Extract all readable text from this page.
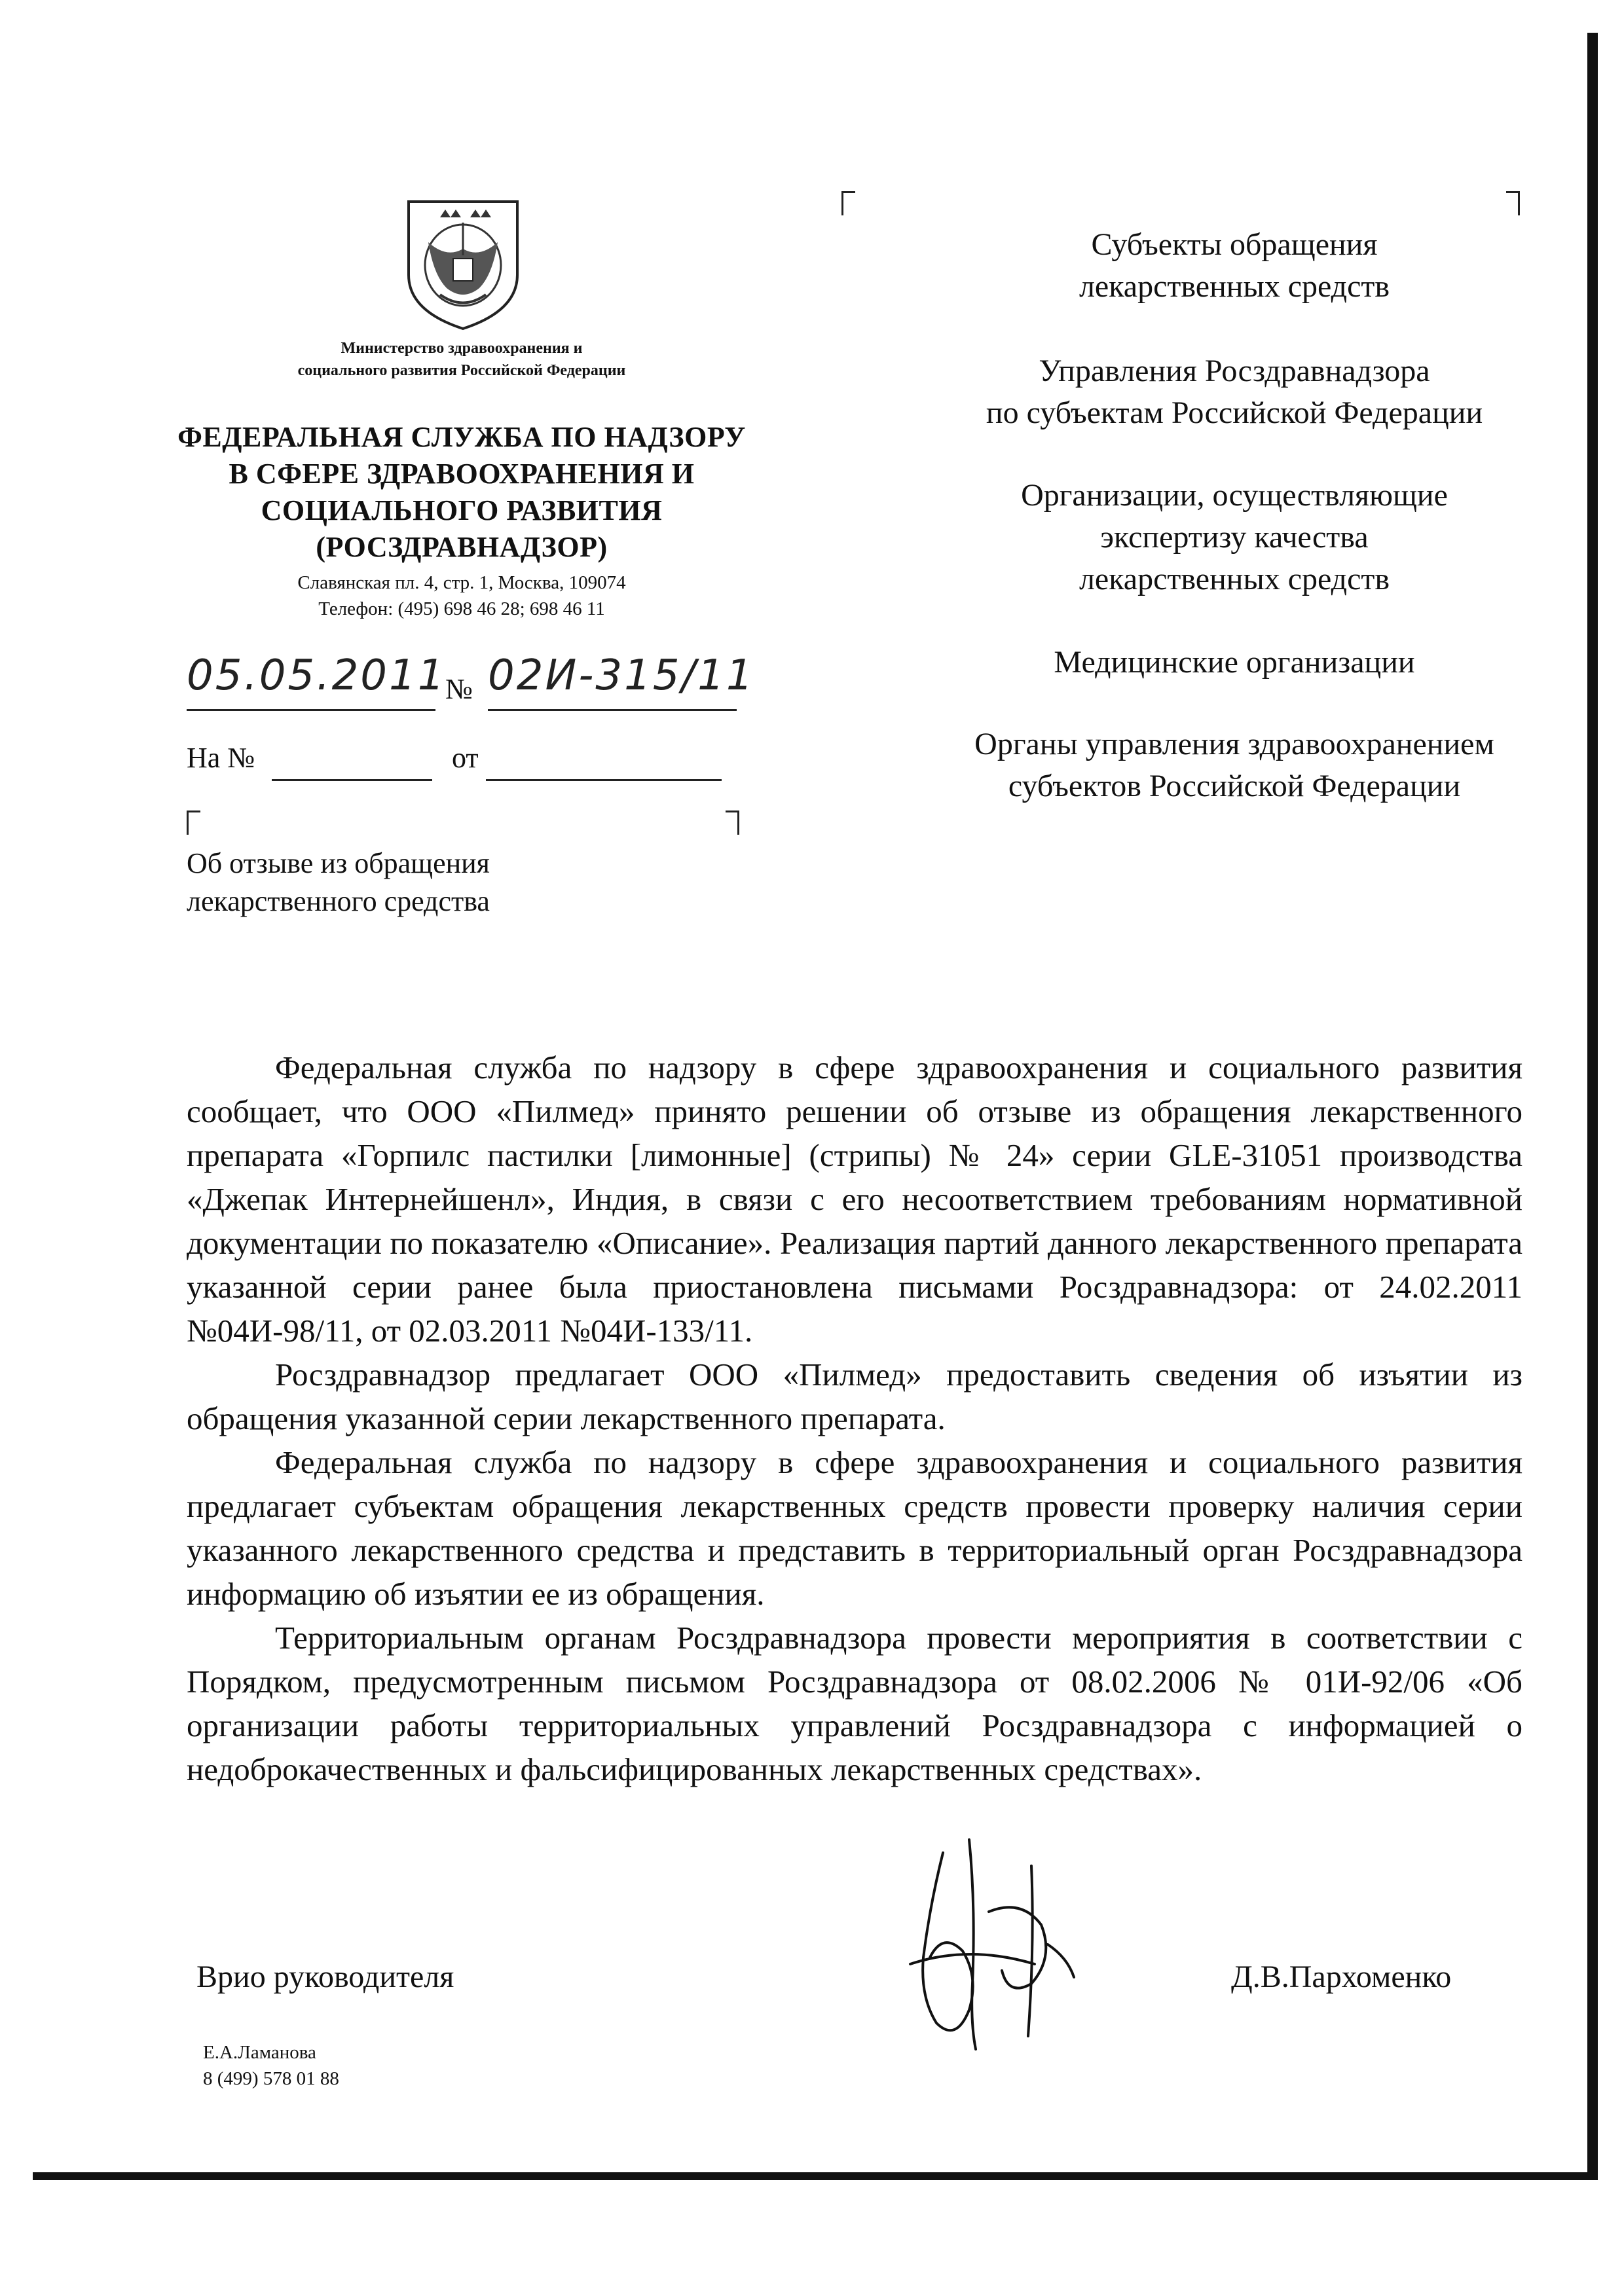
Министерство здравоохранения и
социального развития Российской Федерации
ФЕДЕРАЛЬНАЯ СЛУЖБА ПО НАДЗОРУ
В СФЕРЕ ЗДРАВООХРАНЕНИЯ И
СОЦИАЛЬНОГО РАЗВИТИЯ
(РОСЗДРАВНАДЗОР)
Славянская пл. 4, стр. 1, Москва, 109074
Телефон: (495) 698 46 28; 698 46 11
05.05.2011
№ 02И-315/11
На №	от
Об отзыве из обращения
лекарственного средства
Субъекты обращения
лекарственных средств
Управления Росздравнадзора
по субъектам Российской Федерации
Организации, осуществляющие
экспертизу качества
лекарственных средств
Медицинские организации
Органы управления здравоохранением
субъектов Российской Федерации

Федеральная служба по надзору в сфере здравоохранения и социального развития сообщает, что ООО «Пилмед» принято решении об отзыве из обращения лекарственного препарата «Горпилс пастилки [лимонные] (стрипы) № 24» серии GLE-31051 производства «Джепак Интернейшенл», Индия, в связи с его несоответствием требованиям нормативной документации по показателю «Описание». Реализация партий данного лекарственного препарата указанной серии ранее была приостановлена письмами Росздравнадзора: от 24.02.2011 №04И-98/11, от 02.03.2011 №04И-133/11.

Росздравнадзор предлагает ООО «Пилмед» предоставить сведения об изъятии из обращения указанной серии лекарственного препарата.

Федеральная служба по надзору в сфере здравоохранения и социального развития предлагает субъектам обращения лекарственных средств провести проверку наличия серии указанного лекарственного средства и представить в территориальный орган Росздравнадзора информацию об изъятии ее из обращения.

Территориальным органам Росздравнадзора провести мероприятия в соответствии с Порядком, предусмотренным письмом Росздравнадзора от 08.02.2006 № 01И-92/06 «Об организации работы территориальных управлений Росздравнадзора с информацией о недоброкачественных и фальсифицированных лекарственных средствах».

Врио руководителя	Д.В.Пархоменко
Е.А.Ламанова
8 (499) 578 01 88
